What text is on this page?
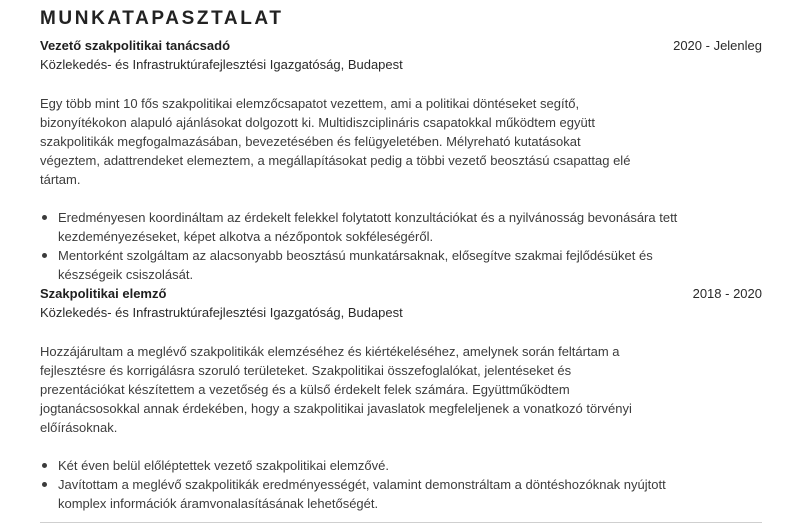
MUNKATAPASZTALAT
Vezető szakpolitikai tanácsadó	2020 - Jelenleg
Közlekedés- és Infrastruktúrafejlesztési Igazgatóság, Budapest

Egy több mint 10 fős szakpolitikai elemzőcsapatot vezettem, ami a politikai döntéseket segítő, bizonyítékokon alapuló ajánlásokat dolgozott ki. Multidiszciplináris csapatokkal működtem együtt szakpolitikák megfogalmazásában, bevezetésében és felügyeletében. Mélyreható kutatásokat végeztem, adattrendeket elemeztem, a megállapításokat pedig a többi vezető beosztású csapattag elé tártam.

Eredményesen koordináltam az érdekelt felekkel folytatott konzultációkat és a nyilvánosság bevonására tett kezdeményezéseket, képet alkotva a nézőpontok sokféleségéről.
Mentorként szolgáltam az alacsonyabb beosztású munkatársaknak, elősegítve szakmai fejlődésüket és készségeik csiszolását.
Szakpolitikai elemző	2018 - 2020
Közlekedés- és Infrastruktúrafejlesztési Igazgatóság, Budapest

Hozzájárultam a meglévő szakpolitikák elemzéséhez és kiértékeléséhez, amelynek során feltártam a fejlesztésre és korrigálásra szoruló területeket. Szakpolitikai összefoglalókat, jelentéseket és prezentációkat készítettem a vezetőség és a külső érdekelt felek számára. Együttműködtem jogtanácsosokkal annak érdekében, hogy a szakpolitikai javaslatok megfeleljenek a vonatkozó törvényi előírásoknak.

Két éven belül előléptettek vezető szakpolitikai elemzővé.
Javítottam a meglévő szakpolitikák eredményességét, valamint demonstráltam a döntéshozóknak nyújtott komplex információk áramvonalasításának lehetőségét.
